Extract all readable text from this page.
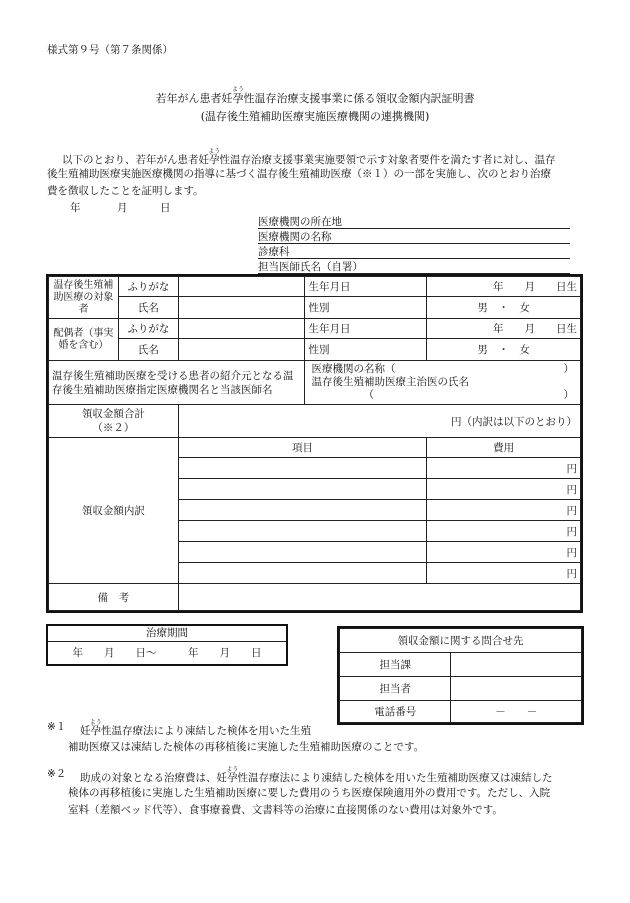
様式第９号（第７条関係）
若年がん患者妊孕よう性温存治療支援事業に係る領収金額内訳証明書
(温存後生殖補助医療実施医療機関の連携機関)
以下のとおり、若年がん患者妊孕よう性温存治療支援事業実施要領で示す対象者要件を満たす者に対し、温存
後生殖補助医療実施医療機関の指導に基づく温存後生殖補助医療（※１）の一部を実施し、次のとおり治療
費を徴収したことを証明します。
年	月	日
医療機関の所在地
医療機関の名称
診療科
担当医師氏名（自署）
温存後生殖補助医療の対象者	ふりがな		生年月日	年　　月　　日生
	氏名		性別	男　・　女
配偶者（事実婚を含む）	ふりがな		生年月日	年　　月　　日生
	氏名		性別	男　・　女
温存後生殖補助医療を受ける患者の紹介元となる温存後生殖補助医療指定医療機関名と当該医師名			医療機関の名称（ ）
温存後生殖補助医療主治医の氏名
（ ）	

領収金額合計
（※２）		円（内訳は以下のとおり）		
領収金額内訳		項目		費用
				円
				円
				円
				円
				円
				円
備　考				
治療期間
年　　月　　日～　　　年　　月　　日
領収金額に関する問合せ先	
担当課	
担当者	
電話番号	－　　－
※１ 妊孕よう性温存療法により凍結した検体を用いた生殖
補助医療又は凍結した検体の再移植後に実施した生殖補助医療のことです。
※２ 助成の対象となる治療費は、妊孕よう性温存療法により凍結した検体を用いた生殖補助医療又は凍結した
検体の再移植後に実施した生殖補助医療に要した費用のうち医療保険適用外の費用です。ただし、入院
室料（差額ベッド代等）、食事療養費、文書料等の治療に直接関係のない費用は対象外です。
